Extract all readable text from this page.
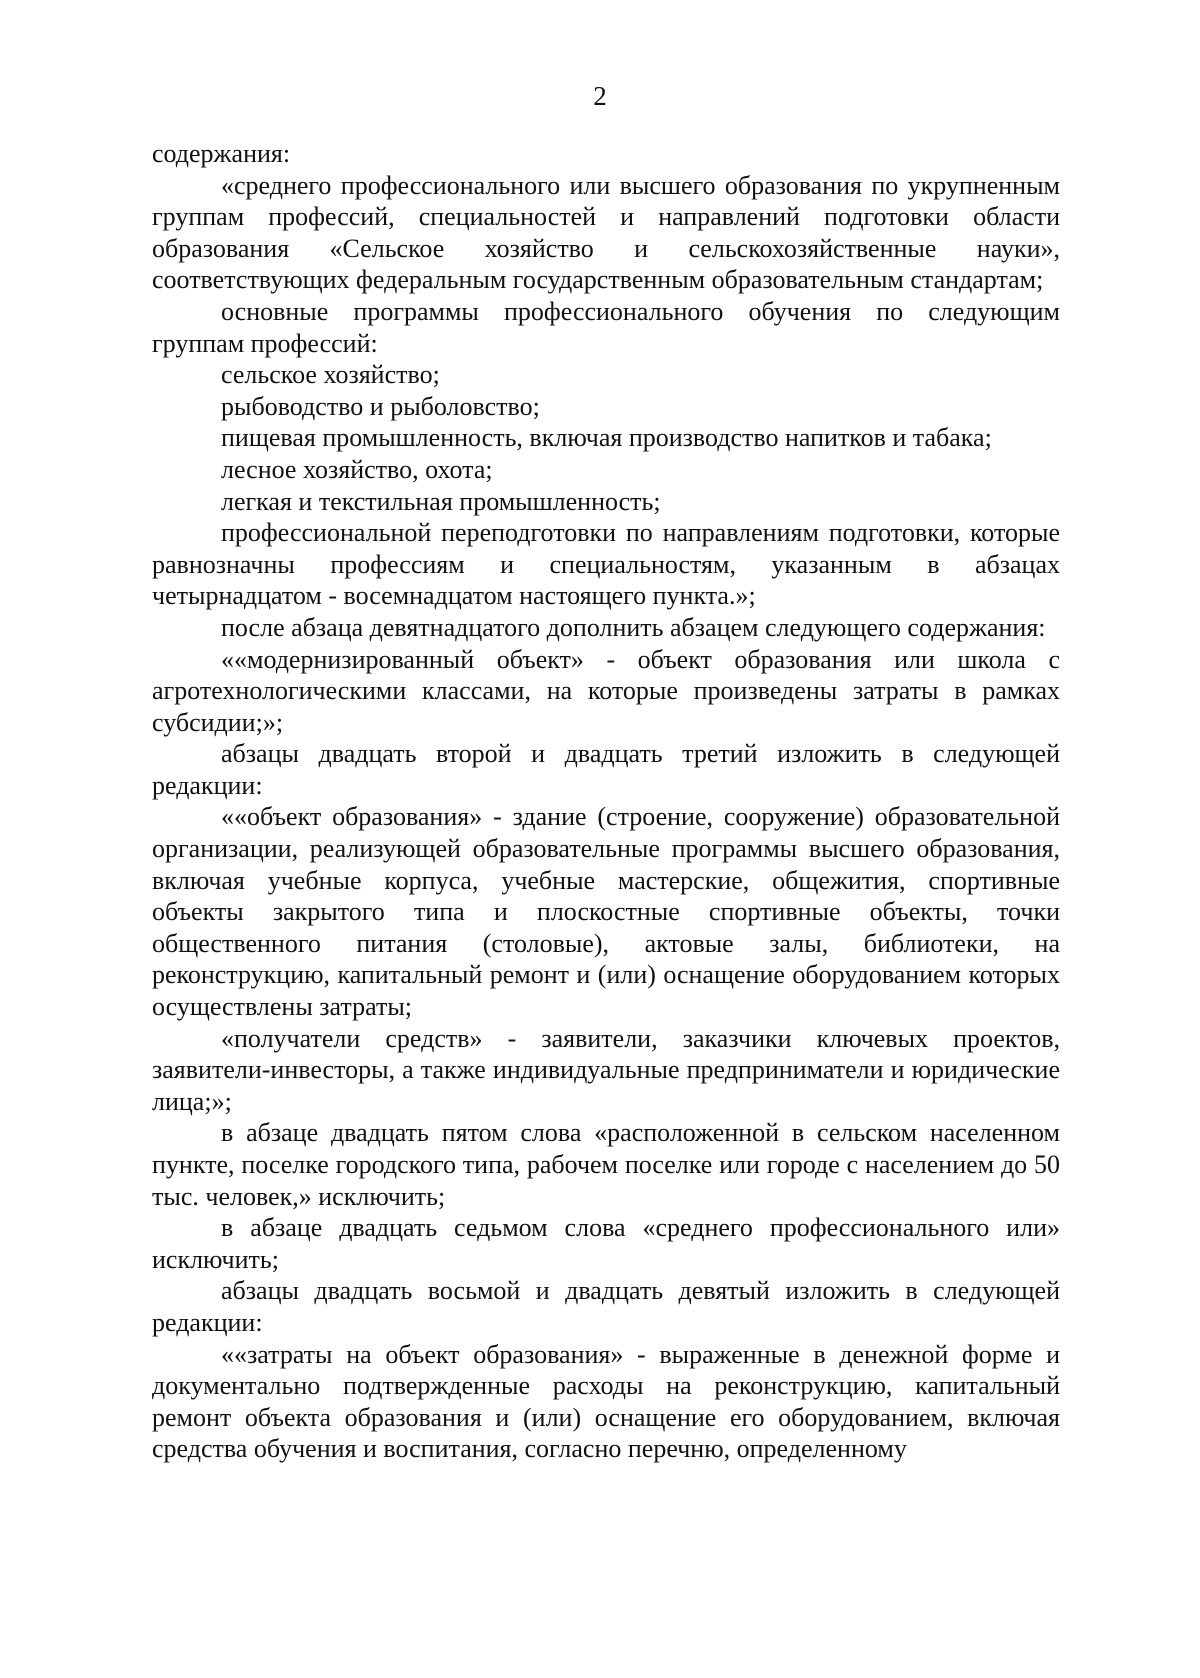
2

содержания:

«среднего профессионального или высшего образования по укрупненным группам профессий, специальностей и направлений подготовки области образования «Сельское хозяйство и сельскохозяйственные науки», соответствующих федеральным государственным образовательным стандартам;

основные программы профессионального обучения по следующим группам профессий:

сельское хозяйство;

рыбоводство и рыболовство;

пищевая промышленность, включая производство напитков и табака;

лесное хозяйство, охота;

легкая и текстильная промышленность;

профессиональной переподготовки по направлениям подготовки, которые равнозначны профессиям и специальностям, указанным в абзацах четырнадцатом - восемнадцатом настоящего пункта.»;

после абзаца девятнадцатого дополнить абзацем следующего содержания:

««модернизированный объект» - объект образования или школа с агротехнологическими классами, на которые произведены затраты в рамках субсидии;»;

абзацы двадцать второй и двадцать третий изложить в следующей редакции:

««объект образования» - здание (строение, сооружение) образовательной организации, реализующей образовательные программы высшего образования, включая учебные корпуса, учебные мастерские, общежития, спортивные объекты закрытого типа и плоскостные спортивные объекты, точки общественного питания (столовые), актовые залы, библиотеки, на реконструкцию, капитальный ремонт и (или) оснащение оборудованием которых осуществлены затраты;

«получатели средств» - заявители, заказчики ключевых проектов, заявители-инвесторы, а также индивидуальные предприниматели и юридические лица;»;

в абзаце двадцать пятом слова «расположенной в сельском населенном пункте, поселке городского типа, рабочем поселке или городе с населением до 50 тыс. человек,» исключить;

в абзаце двадцать седьмом слова «среднего профессионального или» исключить;

абзацы двадцать восьмой и двадцать девятый изложить в следующей редакции:

««затраты на объект образования» - выраженные в денежной форме и документально подтвержденные расходы на реконструкцию, капитальный ремонт объекта образования и (или) оснащение его оборудованием, включая средства обучения и воспитания, согласно перечню, определенному
